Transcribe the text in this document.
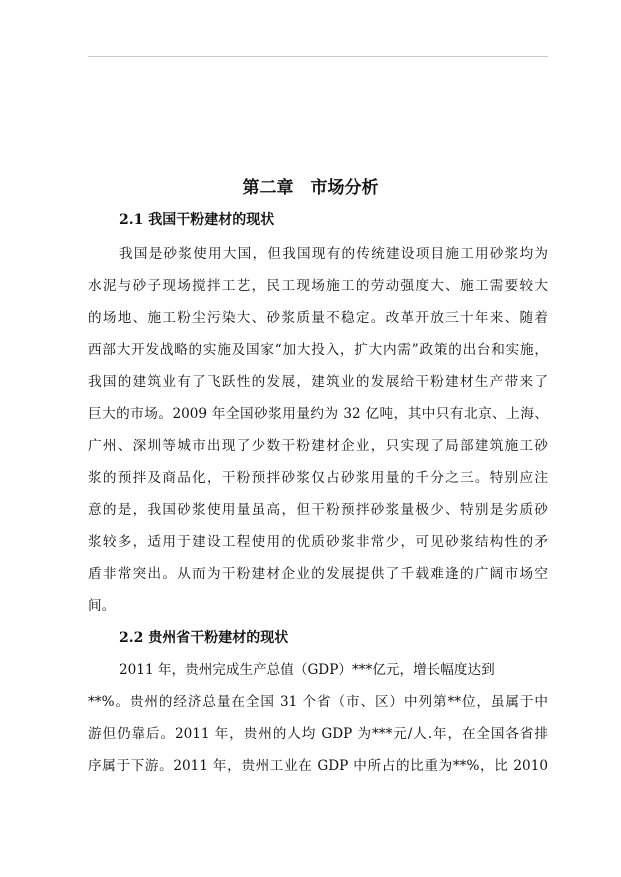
第二章　市场分析
2.1 我国干粉建材的现状
我国是砂浆使用大国，但我国现有的传统建设项目施工用砂浆均为
水泥与砂子现场搅拌工艺，民工现场施工的劳动强度大、施工需要较大
的场地、施工粉尘污染大、砂浆质量不稳定。改革开放三十年来、随着
西部大开发战略的实施及国家“加大投入，扩大内需”政策的出台和实施，
我国的建筑业有了飞跃性的发展，建筑业的发展给干粉建材生产带来了
巨大的市场。2009 年全国砂浆用量约为 32 亿吨，其中只有北京、上海、
广州、深圳等城市出现了少数干粉建材企业，只实现了局部建筑施工砂
浆的预拌及商品化，干粉预拌砂浆仅占砂浆用量的千分之三。特别应注
意的是，我国砂浆使用量虽高，但干粉预拌砂浆量极少、特别是劣质砂
浆较多，适用于建设工程使用的优质砂浆非常少，可见砂浆结构性的矛
盾非常突出。从而为干粉建材企业的发展提供了千载难逢的广阔市场空
间。
2.2 贵州省干粉建材的现状
2011 年，贵州完成生产总值（GDP）***亿元，增长幅度达到
**%。贵州的经济总量在全国 31 个省（市、区）中列第**位，虽属于中
游但仍靠后。2011 年，贵州的人均 GDP 为***元/人.年，在全国各省排
序属于下游。2011 年，贵州工业在 GDP 中所占的比重为**%，比 2010
